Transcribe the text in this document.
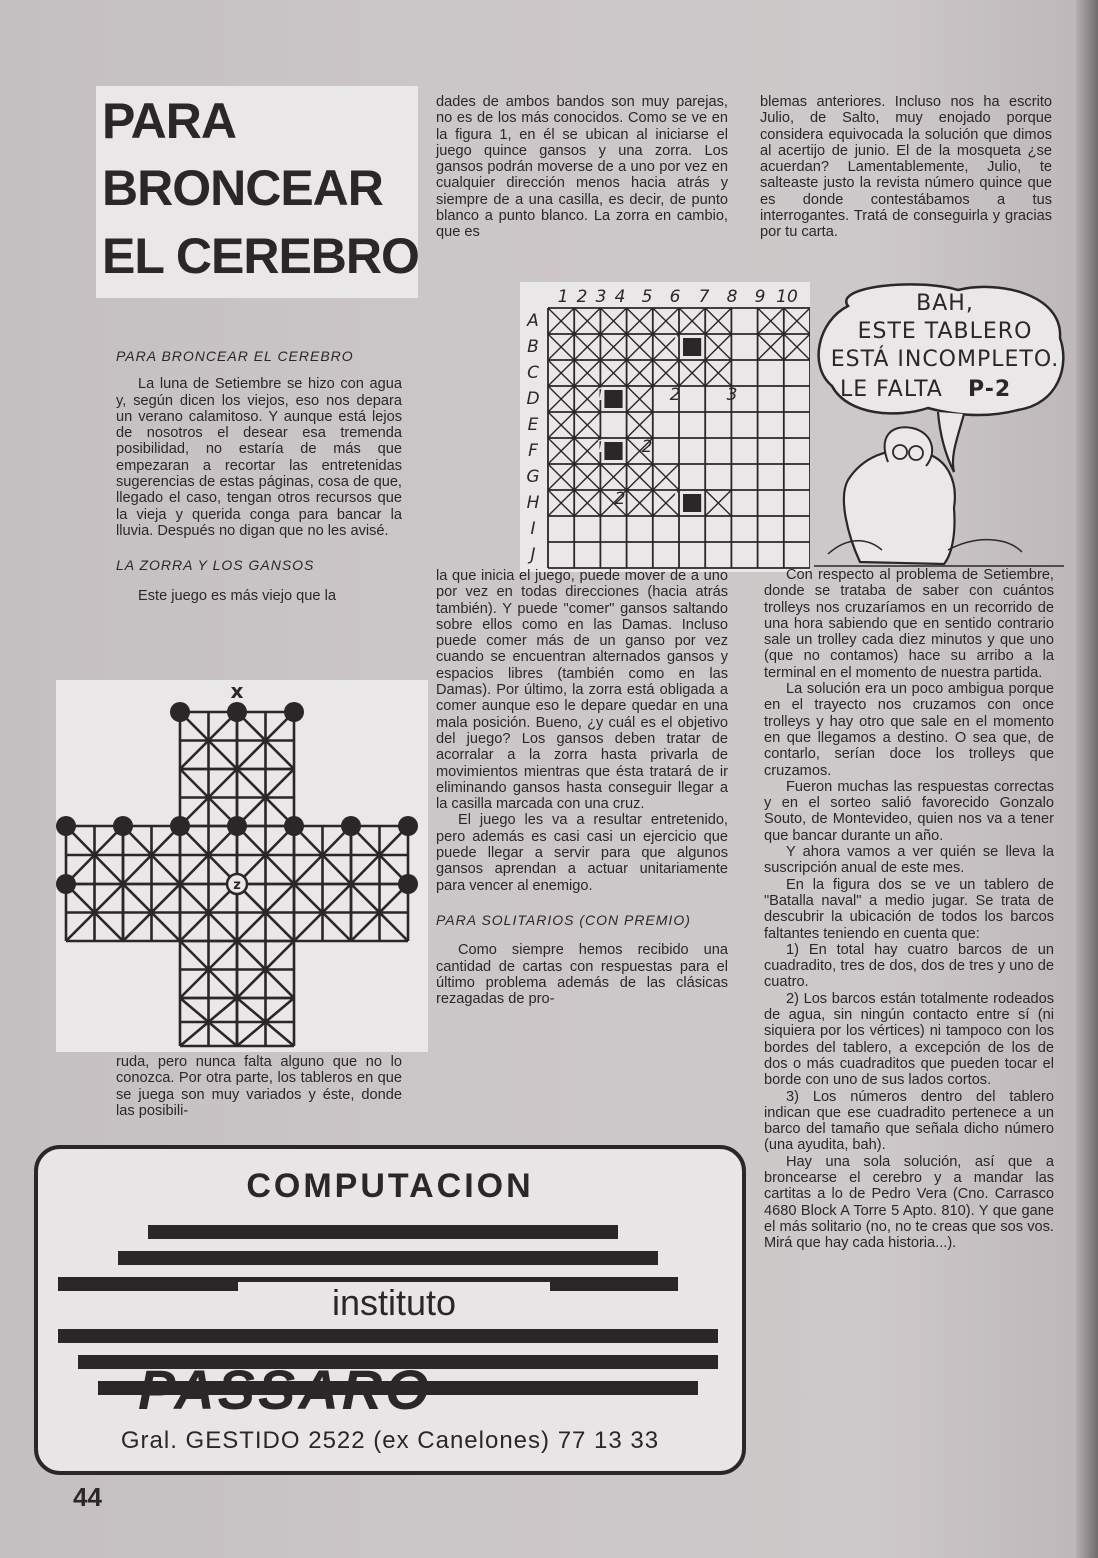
PARA
BRONCEAR
EL CEREBRO

PARA BRONCEAR EL CEREBRO

La luna de Setiembre se hizo con agua y, según dicen los viejos, eso nos depara un verano calamitoso. Y aunque está lejos de nosotros el desear esa tremenda posibilidad, no estaría de más que empezaran a recortar las entretenidas sugerencias de estas páginas, cosa de que, llegado el caso, tengan otros recursos que la vieja y querida conga para bancar la lluvia. Después no digan que no les avisé.

LA ZORRA Y LOS GANSOS

Este juego es más viejo que la

x
z

ruda, pero nunca falta alguno que no lo conozca. Por otra parte, los tableros en que se juega son muy variados y éste, donde las posibili-

dades de ambos bandos son muy parejas, no es de los más conocidos. Como se ve en la figura 1, en él se ubican al iniciarse el juego quince gansos y una zorra. Los gansos podrán moverse de a uno por vez en cualquier dirección menos hacia atrás y siempre de a una casilla, es decir, de punto blanco a punto blanco. La zorra en cambio, que es

1 2 3 4 5 6 7 8 9 10
A
B
C
D
E
F
G
H
I
J
1
1	2	3
1 2
2	1

la que inicia el juego, puede mover de a uno por vez en todas direcciones (hacia atrás también). Y puede "comer" gansos saltando sobre ellos como en las Damas. Incluso puede comer más de un ganso por vez cuando se encuentran alternados gansos y espacios libres (también como en las Damas). Por último, la zorra está obligada a comer aunque eso le depare quedar en una mala posición. Bueno, ¿y cuál es el objetivo del juego? Los gansos deben tratar de acorralar a la zorra hasta privarla de movimientos mientras que ésta tratará de ir eliminando gansos hasta conseguir llegar a la casilla marcada con una cruz.

El juego les va a resultar entretenido, pero además es casi casi un ejercicio que puede llegar a servir para que algunos gansos aprendan a actuar unitariamente para vencer al enemigo.

PARA SOLITARIOS (CON PREMIO)

Como siempre hemos recibido una cantidad de cartas con respuestas para el último problema además de las clásicas rezagadas de pro-

blemas anteriores. Incluso nos ha escrito Julio, de Salto, muy enojado porque considera equivocada la solución que dimos al acertijo de junio. El de la mosqueta ¿se acuerdan? Lamentablemente, Julio, te salteaste justo la revista número quince que es donde contestábamos a tus interrogantes. Tratá de conseguirla y gracias por tu carta.

BAH,
ESTE TABLERO
ESTÁ INCOMPLETO.
LE FALTA	P-2

Con respecto al problema de Setiembre, donde se trataba de saber con cuántos trolleys nos cruzaríamos en un recorrido de una hora sabiendo que en sentido contrario sale un trolley cada diez minutos y que uno (que no contamos) hace su arribo a la terminal en el momento de nuestra partida.

La solución era un poco ambigua porque en el trayecto nos cruzamos con once trolleys y hay otro que sale en el momento en que llegamos a destino. O sea que, de contarlo, serían doce los trolleys que cruzamos.

Fueron muchas las respuestas correctas y en el sorteo salió favorecido Gonzalo Souto, de Montevideo, quien nos va a tener que bancar durante un año.

Y ahora vamos a ver quién se lleva la suscripción anual de este mes.

En la figura dos se ve un tablero de "Batalla naval" a medio jugar. Se trata de descubrir la ubicación de todos los barcos faltantes teniendo en cuenta que:

1) En total hay cuatro barcos de un cuadradito, tres de dos, dos de tres y uno de cuatro.

2) Los barcos están totalmente rodeados de agua, sin ningún contacto entre sí (ni siquiera por los vértices) ni tampoco con los bordes del tablero, a excepción de los de dos o más cuadraditos que pueden tocar el borde con uno de sus lados cortos.

3) Los números dentro del tablero indican que ese cuadradito pertenece a un barco del tamaño que señala dicho número (una ayudita, bah).

Hay una sola solución, así que a broncearse el cerebro y a mandar las cartitas a lo de Pedro Vera (Cno. Carrasco 4680 Block A Torre 5 Apto. 810). Y que gane el más solitario (no, no te creas que sos vos. Mirá que hay cada historia...).

COMPUTACION
instituto
PASSARO
Gral. GESTIDO 2522 (ex Canelones) 77 13 33
44
